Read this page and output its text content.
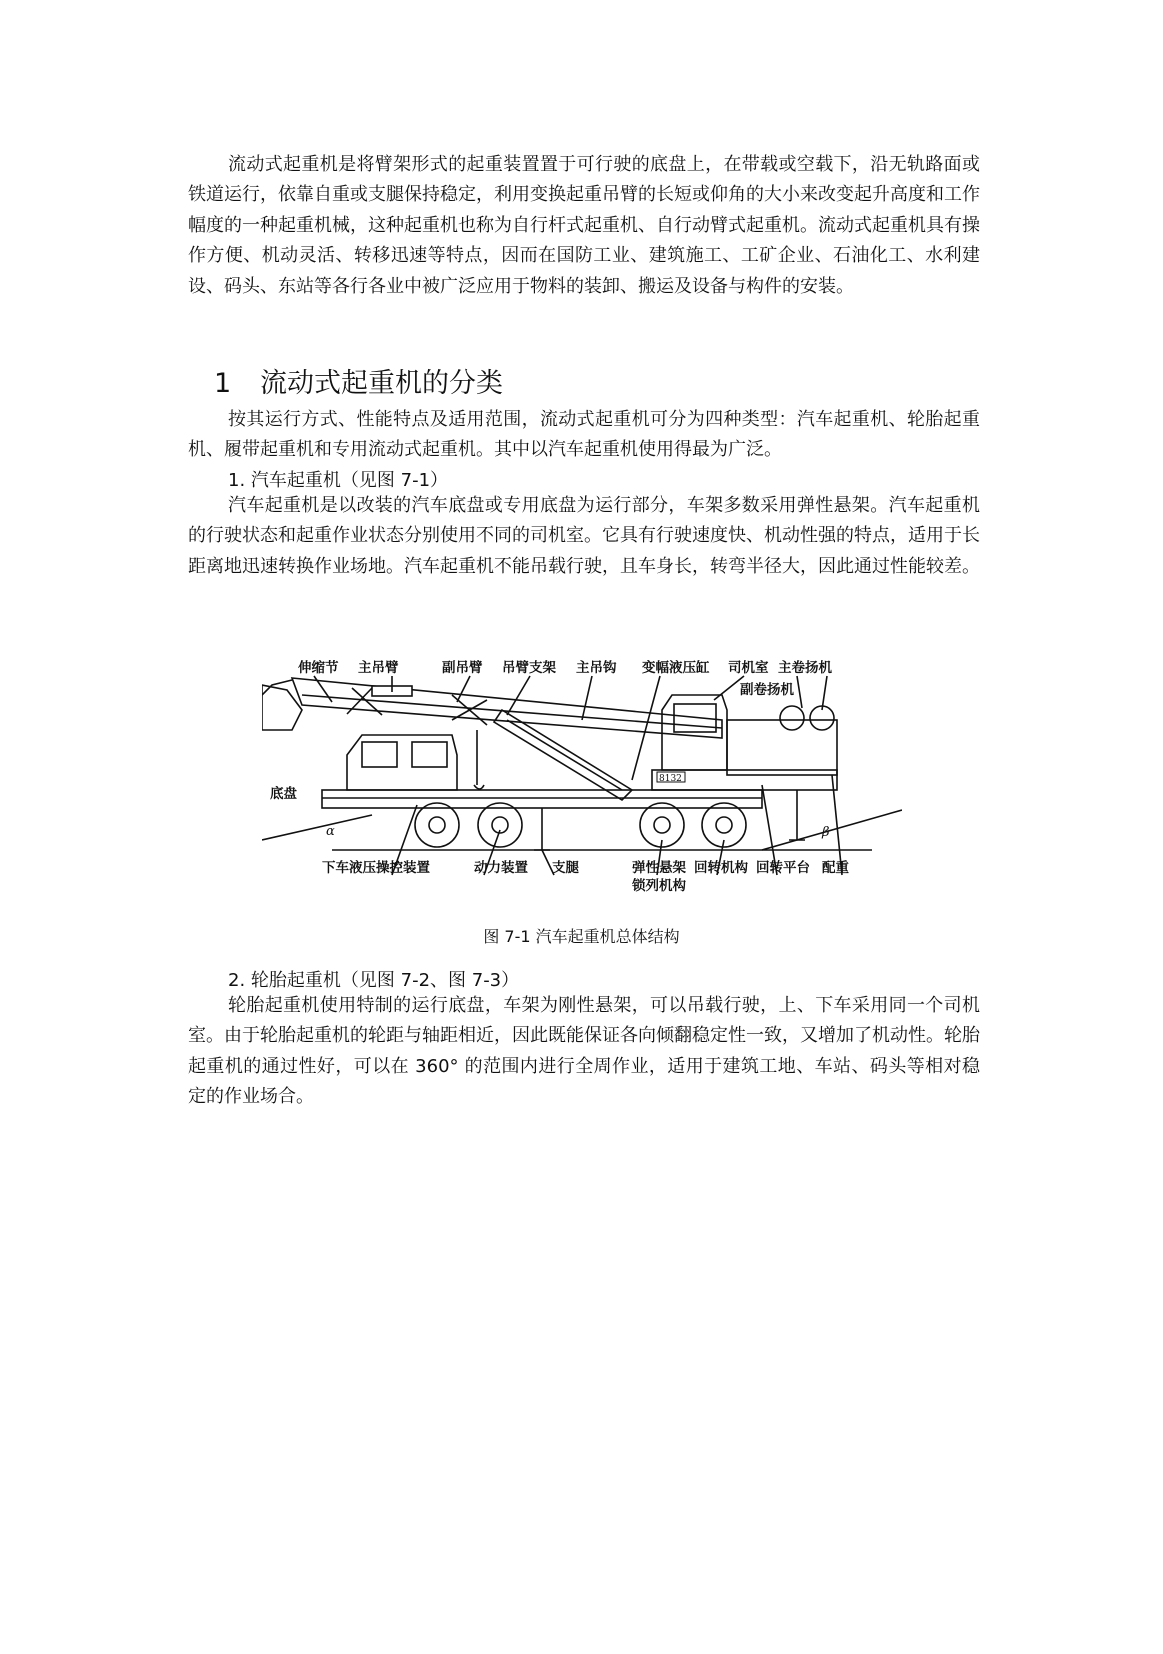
流动式起重机是将臂架形式的起重装置置于可行驶的底盘上，在带载或空载下，沿无轨路面或铁道运行，依靠自重或支腿保持稳定，利用变换起重吊臂的长短或仰角的大小来改变起升高度和工作幅度的一种起重机械，这种起重机也称为自行杆式起重机、自行动臂式起重机。流动式起重机具有操作方便、机动灵活、转移迅速等特点，因而在国防工业、建筑施工、工矿企业、石油化工、水利建设、码头、东站等各行各业中被广泛应用于物料的装卸、搬运及设备与构件的安装。

1 流动式起重机的分类

按其运行方式、性能特点及适用范围，流动式起重机可分为四种类型：汽车起重机、轮胎起重机、履带起重机和专用流动式起重机。其中以汽车起重机使用得最为广泛。

1. 汽车起重机（见图 7-1）

汽车起重机是以改装的汽车底盘或专用底盘为运行部分，车架多数采用弹性悬架。汽车起重机的行驶状态和起重作业状态分别使用不同的司机室。它具有行驶速度快、机动性强的特点，适用于长距离地迅速转换作业场地。汽车起重机不能吊载行驶，且车身长，转弯半径大，因此通过性能较差。

8132
伸缩节 主吊臂	副吊臂 吊臂支架 主吊钩 变幅液压缸 司机室 主卷扬机
副卷扬机
底盘
α	β
下车液压操控装置	动力装置 支腿	弹性悬架
锁列机构
回转机构 回转平台 配重

图 7-1 汽车起重机总体结构

2. 轮胎起重机（见图 7-2、图 7-3）

轮胎起重机使用特制的运行底盘，车架为刚性悬架，可以吊载行驶，上、下车采用同一个司机室。由于轮胎起重机的轮距与轴距相近，因此既能保证各向倾翻稳定性一致，又增加了机动性。轮胎起重机的通过性好，可以在 360° 的范围内进行全周作业，适用于建筑工地、车站、码头等相对稳定的作业场合。
